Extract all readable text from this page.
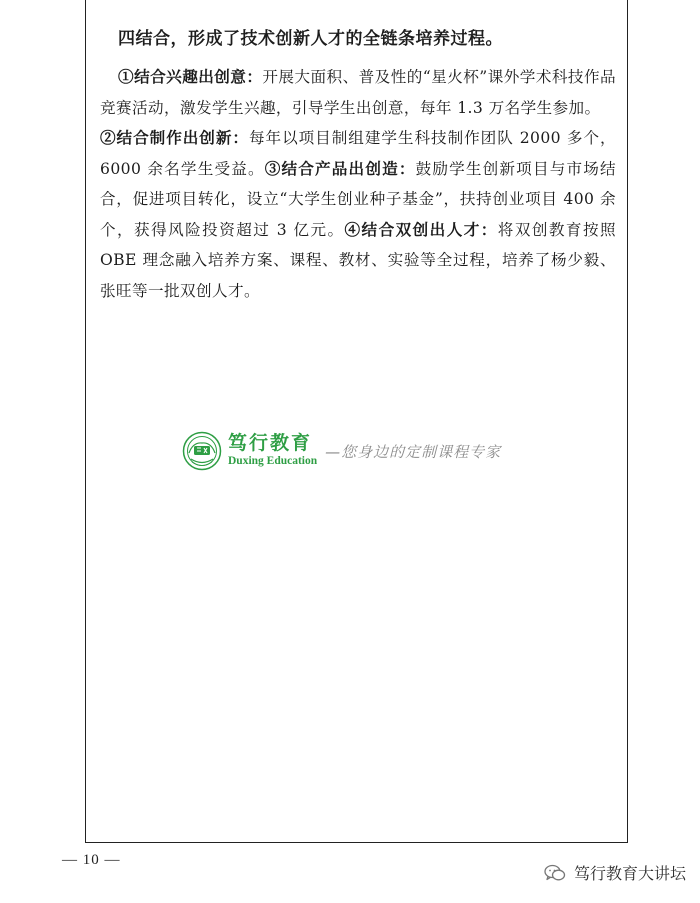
四结合，形成了技术创新人才的全链条培养过程。

①结合兴趣出创意：开展大面积、普及性的“星火杯”课外学术科技作品竞赛活动，激发学生兴趣，引导学生出创意，每年 1.3 万名学生参加。

②结合制作出创新：每年以项目制组建学生科技制作团队 2000 多个，6000 余名学生受益。③结合产品出创造：鼓励学生创新项目与市场结合，促进项目转化，设立“大学生创业种子基金”，扶持创业项目 400 余个，获得风险投资超过 3 亿元。④结合双创出人才：将双创教育按照 OBE 理念融入培养方案、课程、教材、实验等全过程，培养了杨少毅、张旺等一批双创人才。

笃行教育
Duxing Education
—您身边的定制课程专家
— 10 —
笃行教育大讲坛
